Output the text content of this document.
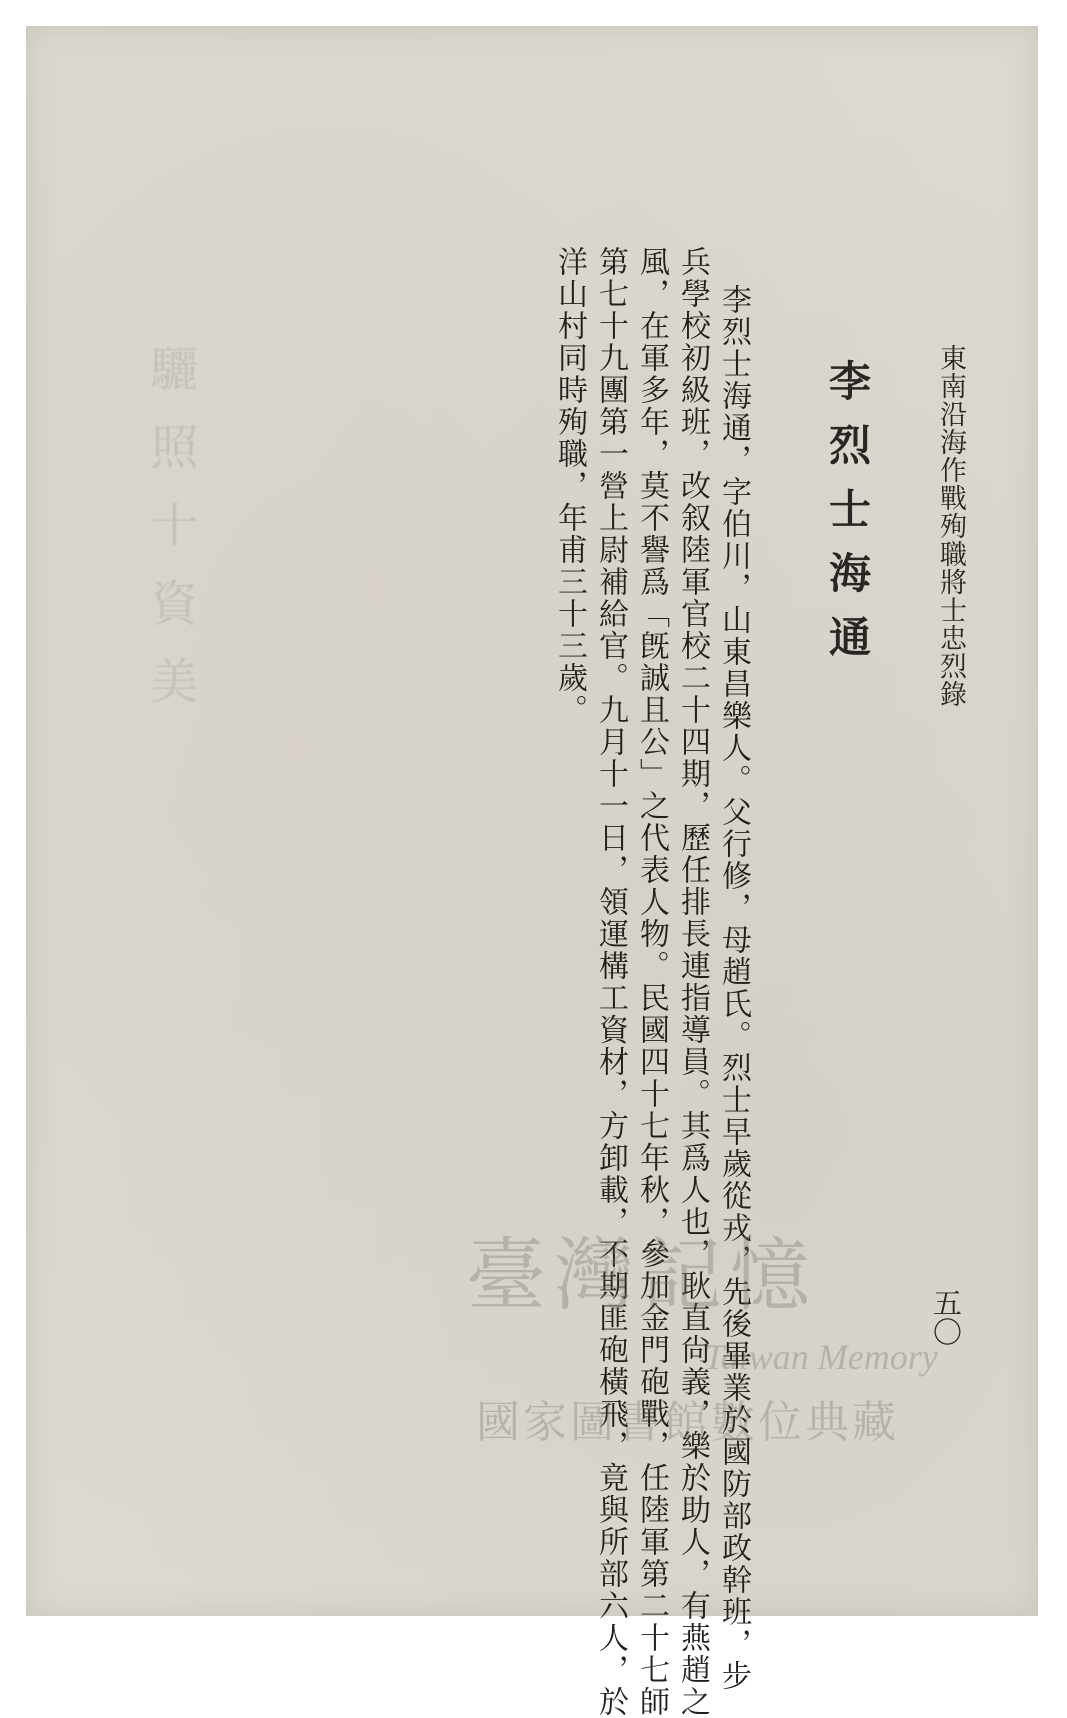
驪照十資美	東南沿海作戰殉職將士忠烈錄
五〇
李烈士海通
李烈士海通，字伯川，山東昌樂人。父行修，母趙氏。烈士早歲從戎，先後畢業於國防部政幹班，步
兵學校初級班，改叙陸軍官校二十四期，歷任排長連指導員。其爲人也，耿直尙義，樂於助人，有燕趙之
風，在軍多年，莫不譽爲「旣誠且公」之代表人物。民國四十七年秋，參加金門砲戰，任陸軍第二十七師
第七十九團第一營上尉補給官。九月十一日，領運構工資材，方卸載，不期匪砲橫飛，竟與所部六人，於
洋山村同時殉職，年甫三十三歲。
臺灣記憶
Taiwan Memory
國家圖書館數位典藏
